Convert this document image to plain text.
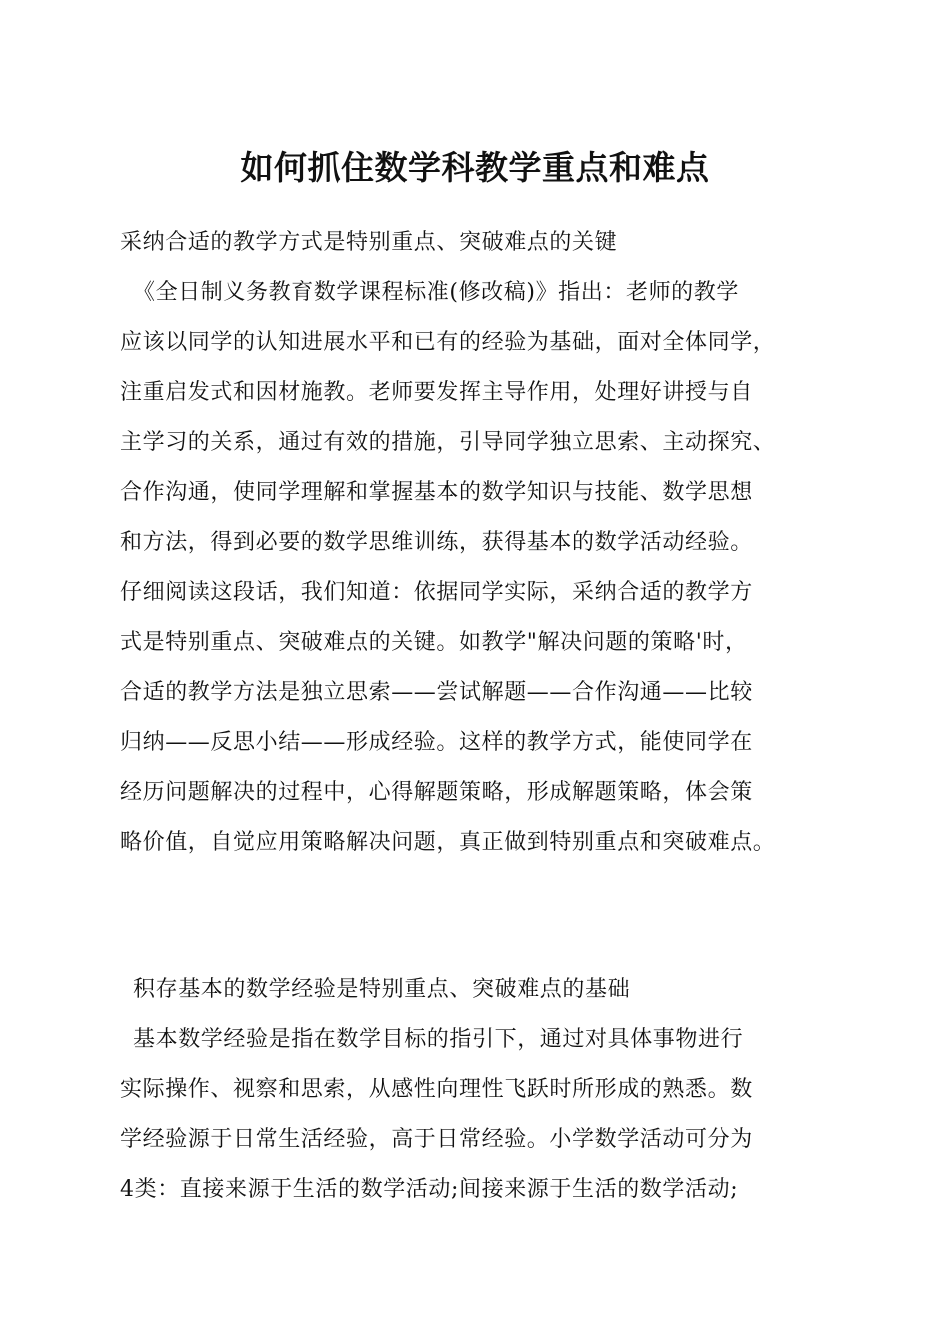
如何抓住数学科教学重点和难点
采纳合适的教学方式是特别重点、突破难点的关键
《全日制义务教育数学课程标准(修改稿)》指出：老师的教学
应该以同学的认知进展水平和已有的经验为基础，面对全体同学，
注重启发式和因材施教。老师要发挥主导作用，处理好讲授与自
主学习的关系，通过有效的措施，引导同学独立思索、主动探究、
合作沟通，使同学理解和掌握基本的数学知识与技能、数学思想
和方法，得到必要的数学思维训练，获得基本的数学活动经验。
仔细阅读这段话，我们知道：依据同学实际，采纳合适的教学方
式是特别重点、突破难点的关键。如教学"解决问题的策略'时，
合适的教学方法是独立思索——尝试解题——合作沟通——比较
归纳——反思小结——形成经验。这样的教学方式，能使同学在
经历问题解决的过程中，心得解题策略，形成解题策略，体会策
略价值，自觉应用策略解决问题，真正做到特别重点和突破难点。
积存基本的数学经验是特别重点、突破难点的基础
基本数学经验是指在数学目标的指引下，通过对具体事物进行
实际操作、视察和思索，从感性向理性飞跃时所形成的熟悉。数
学经验源于日常生活经验，高于日常经验。小学数学活动可分为
4类：直接来源于生活的数学活动;间接来源于生活的数学活动;
